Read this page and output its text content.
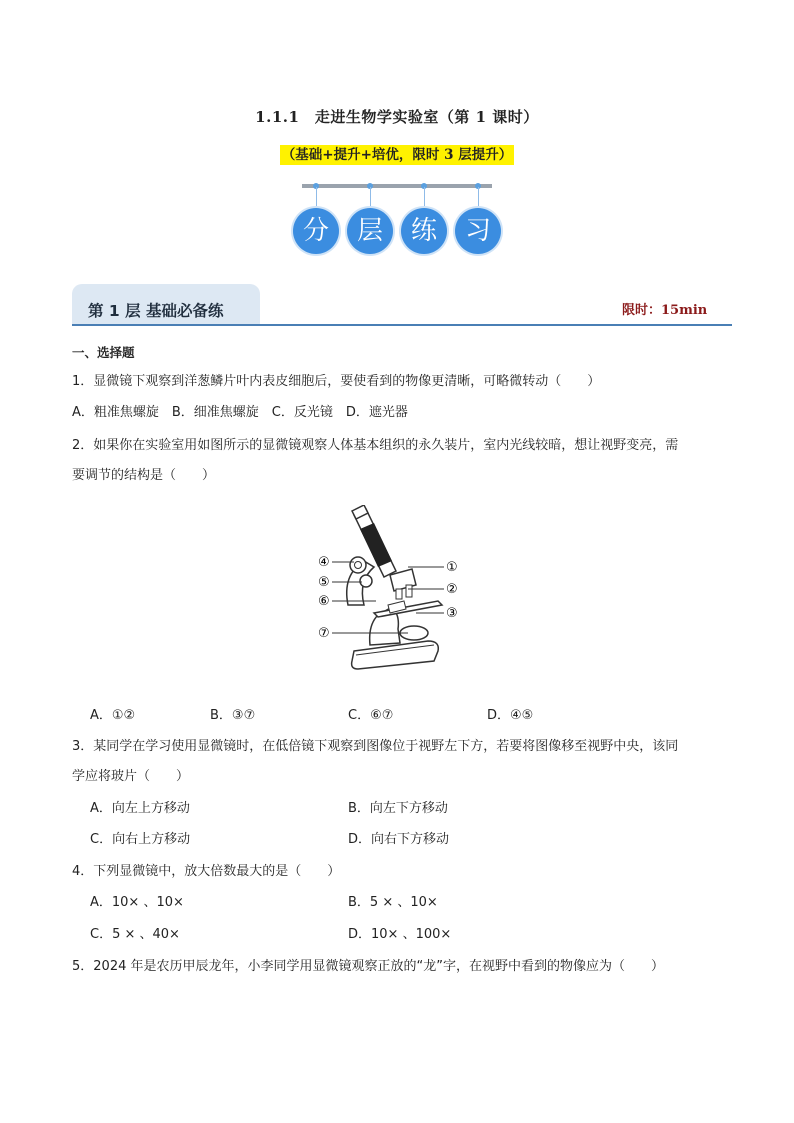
1.1.1　走进生物学实验室（第 1 课时）
（基础+提升+培优，限时 3 层提升）
分	层	练	习
第 1 层 基础必备练	限时：15min
一、选择题
1．显微镜下观察到洋葱鳞片叶内表皮细胞后，要使看到的物像更清晰，可略微转动（　　）
A．粗准焦螺旋　B．细准焦螺旋　C．反光镜　D．遮光器
2．如果你在实验室用如图所示的显微镜观察人体基本组织的永久装片，室内光线较暗，想让视野变亮，需
要调节的结构是（　　）
④
⑤
⑥
⑦
①
②
③
A．①②	B．③⑦	C．⑥⑦	D．④⑤
3．某同学在学习使用显微镜时，在低倍镜下观察到图像位于视野左下方，若要将图像移至视野中央，该同
学应将玻片（　　）
A．向左上方移动	B．向左下方移动
C．向右上方移动	D．向右下方移动
4．下列显微镜中，放大倍数最大的是（　　）
A．10× 、10×	B．5 × 、10×
C．5 × 、40×	D．10× 、100×
5．2024 年是农历甲辰龙年，小李同学用显微镜观察正放的“龙”字，在视野中看到的物像应为（　　）
